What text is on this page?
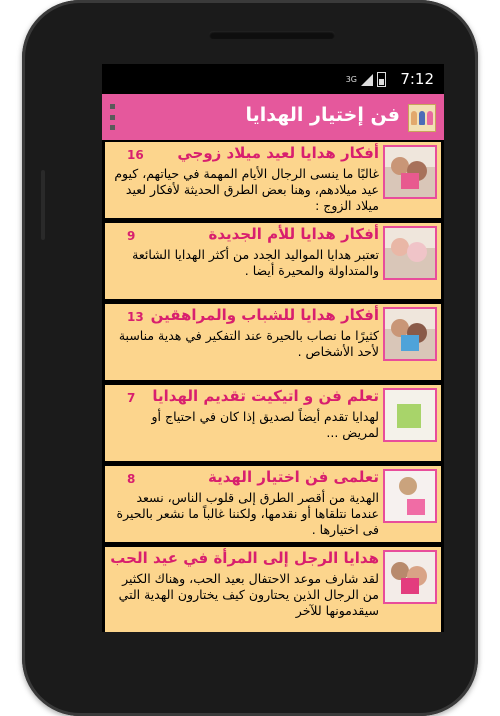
3G	7:12
فن إختيار الهدايا
أفكار هدايا لعيد ميلاد زوجي
16
غالبًا ما ينسى الرجال الأيام المهمة في حياتهم، كيوم عيد ميلادهم، وهنا بعض الطرق الحديثة لأفكار لعيد ميلاد الزوج :
أفكار هدايا للأم الجديدة
9
تعتبر هدايا المواليد الجدد من أكثر الهدايا الشائعة والمتداولة والمحيرة أيضا .
أفكار هدايا للشباب والمراهقين
13
كثيرًا ما نصاب بالحيرة عند التفكير في هدية مناسبة لأحد الأشخاص .
تعلم فن و اتيكيت تقديم الهدايا
7
لهدايا تقدم أيضاً لصديق إذا كان في احتياج أو لمريض ...
تعلمى فن اختيار الهدية
8
الهدية من أقصر الطرق إلى قلوب الناس، نسعد عندما نتلقاها أو نقدمها، ولكننا غالباً ما نشعر بالحيرة فى اختيارها .
هدايا الرجل إلى المرأة في عيد الحب
لقد شارف موعد الاحتفال بعيد الحب، وهناك الكثير من الرجال الذين يحتارون كيف يختارون الهدية التي سيقدمونها للآخر
